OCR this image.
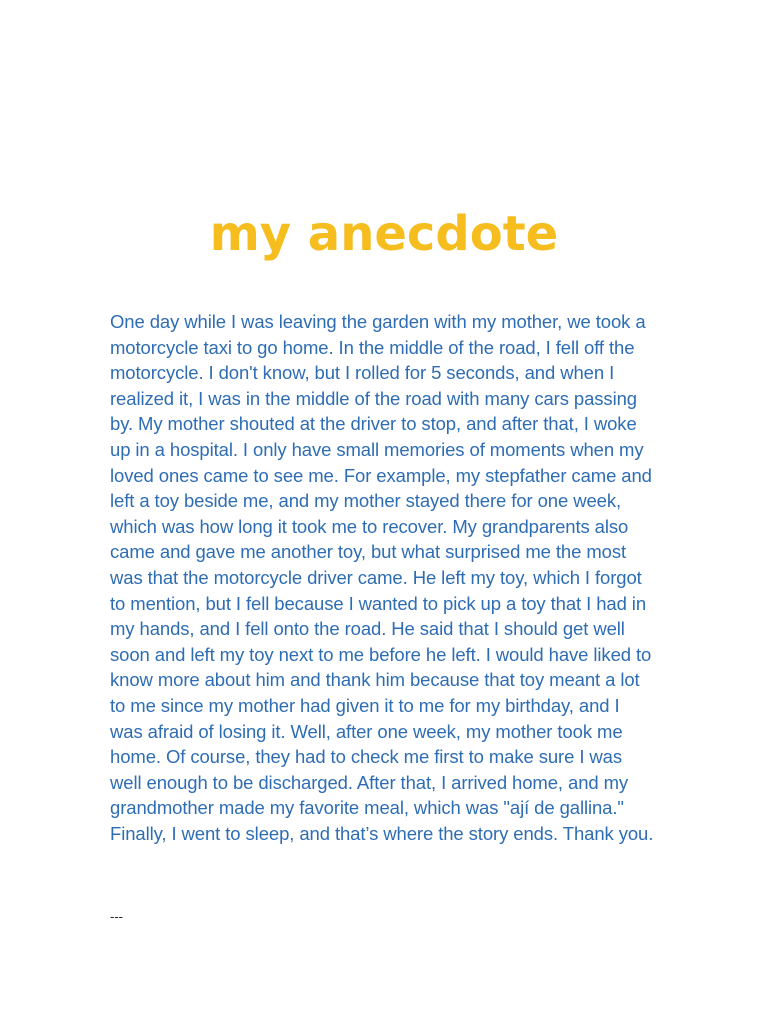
my anecdote

One day while I was leaving the garden with my mother, we took a motorcycle taxi to go home. In the middle of the road, I fell off the motorcycle. I don't know, but I rolled for 5 seconds, and when I realized it, I was in the middle of the road with many cars passing by. My mother shouted at the driver to stop, and after that, I woke up in a hospital. I only have small memories of moments when my loved ones came to see me. For example, my stepfather came and left a toy beside me, and my mother stayed there for one week, which was how long it took me to recover. My grandparents also came and gave me another toy, but what surprised me the most was that the motorcycle driver came. He left my toy, which I forgot to mention, but I fell because I wanted to pick up a toy that I had in my hands, and I fell onto the road. He said that I should get well soon and left my toy next to me before he left. I would have liked to know more about him and thank him because that toy meant a lot to me since my mother had given it to me for my birthday, and I was afraid of losing it. Well, after one week, my mother took me home. Of course, they had to check me first to make sure I was well enough to be discharged. After that, I arrived home, and my grandmother made my favorite meal, which was "ají de gallina." Finally, I went to sleep, and that’s where the story ends. Thank you.

---
